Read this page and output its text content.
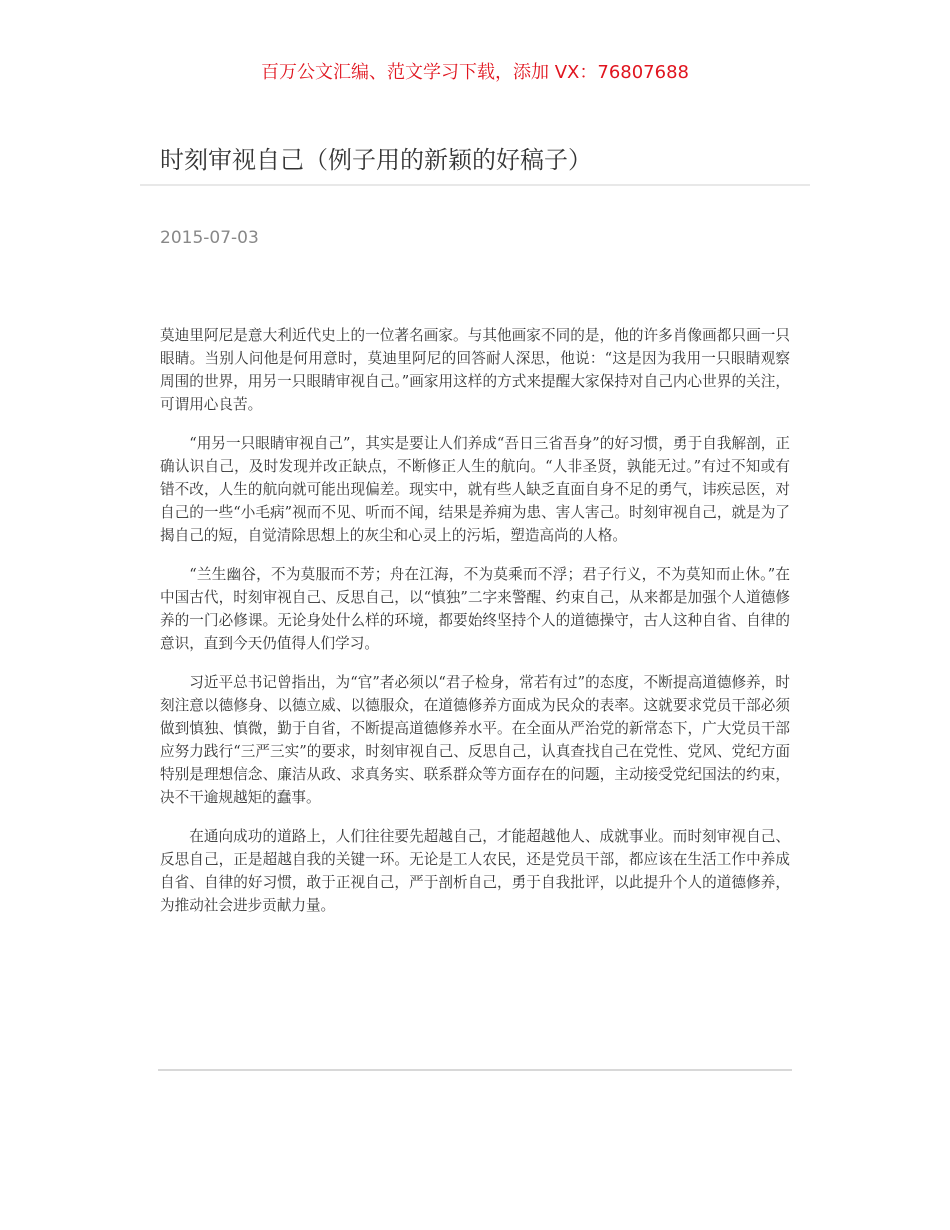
百万公文汇编、范文学习下载，添加 VX：76807688
时刻审视自己（例子用的新颖的好稿子）
2015-07-03

莫迪里阿尼是意大利近代史上的一位著名画家。与其他画家不同的是，他的许多肖像画都只画一只眼睛。当别人问他是何用意时，莫迪里阿尼的回答耐人深思，他说：“这是因为我用一只眼睛观察周围的世界，用另一只眼睛审视自己。”画家用这样的方式来提醒大家保持对自己内心世界的关注，可谓用心良苦。

“用另一只眼睛审视自己”，其实是要让人们养成“吾日三省吾身”的好习惯，勇于自我解剖，正确认识自己，及时发现并改正缺点，不断修正人生的航向。“人非圣贤，孰能无过。”有过不知或有错不改，人生的航向就可能出现偏差。现实中，就有些人缺乏直面自身不足的勇气，讳疾忌医，对自己的一些“小毛病”视而不见、听而不闻，结果是养痈为患、害人害己。时刻审视自己，就是为了揭自己的短，自觉清除思想上的灰尘和心灵上的污垢，塑造高尚的人格。

“兰生幽谷，不为莫服而不芳；舟在江海，不为莫乘而不浮；君子行义，不为莫知而止休。”在中国古代，时刻审视自己、反思自己，以“慎独”二字来警醒、约束自己，从来都是加强个人道德修养的一门必修课。无论身处什么样的环境，都要始终坚持个人的道德操守，古人这种自省、自律的意识，直到今天仍值得人们学习。

习近平总书记曾指出，为“官”者必须以“君子检身，常若有过”的态度，不断提高道德修养，时刻注意以德修身、以德立威、以德服众，在道德修养方面成为民众的表率。这就要求党员干部必须做到慎独、慎微，勤于自省，不断提高道德修养水平。在全面从严治党的新常态下，广大党员干部应努力践行“三严三实”的要求，时刻审视自己、反思自己，认真查找自己在党性、党风、党纪方面特别是理想信念、廉洁从政、求真务实、联系群众等方面存在的问题，主动接受党纪国法的约束，决不干逾规越矩的蠢事。

在通向成功的道路上，人们往往要先超越自己，才能超越他人、成就事业。而时刻审视自己、反思自己，正是超越自我的关键一环。无论是工人农民，还是党员干部，都应该在生活工作中养成自省、自律的好习惯，敢于正视自己，严于剖析自己，勇于自我批评，以此提升个人的道德修养，为推动社会进步贡献力量。
